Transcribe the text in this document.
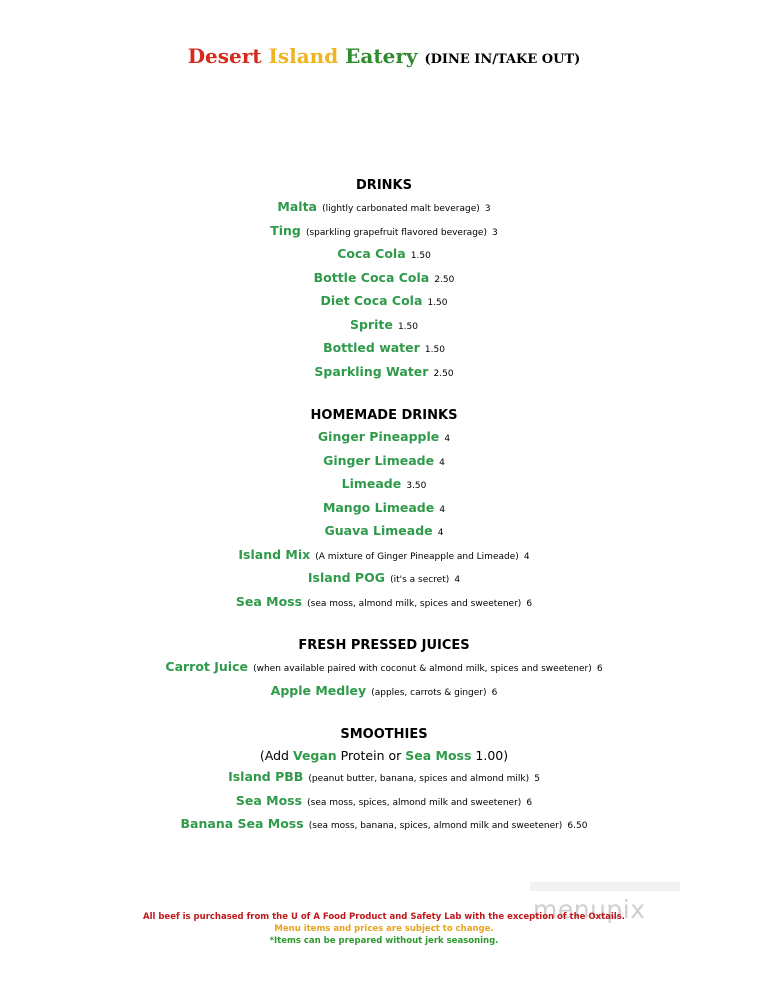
Desert Island Eatery (DINE IN/TAKE OUT)
DRINKS
Malta (lightly carbonated malt beverage) 3
Ting (sparkling grapefruit flavored beverage) 3
Coca Cola 1.50
Bottle Coca Cola 2.50
Diet Coca Cola 1.50
Sprite 1.50
Bottled water 1.50
Sparkling Water 2.50
HOMEMADE DRINKS
Ginger Pineapple 4
Ginger Limeade 4
Limeade 3.50
Mango Limeade 4
Guava Limeade 4
Island Mix (A mixture of Ginger Pineapple and Limeade) 4
Island POG (it's a secret) 4
Sea Moss (sea moss, almond milk, spices and sweetener) 6
FRESH PRESSED JUICES
Carrot Juice (when available paired with coconut & almond milk, spices and sweetener) 6
Apple Medley (apples, carrots & ginger) 6
SMOOTHIES
(Add Vegan Protein or Sea Moss 1.00)
Island PBB (peanut butter, banana, spices and almond milk) 5
Sea Moss (sea moss, spices, almond milk and sweetener) 6
Banana Sea Moss (sea moss, banana, spices, almond milk and sweetener) 6.50
menupix
All beef is purchased from the U of A Food Product and Safety Lab with the exception of the Oxtails.
Menu items and prices are subject to change.
*Items can be prepared without jerk seasoning.
